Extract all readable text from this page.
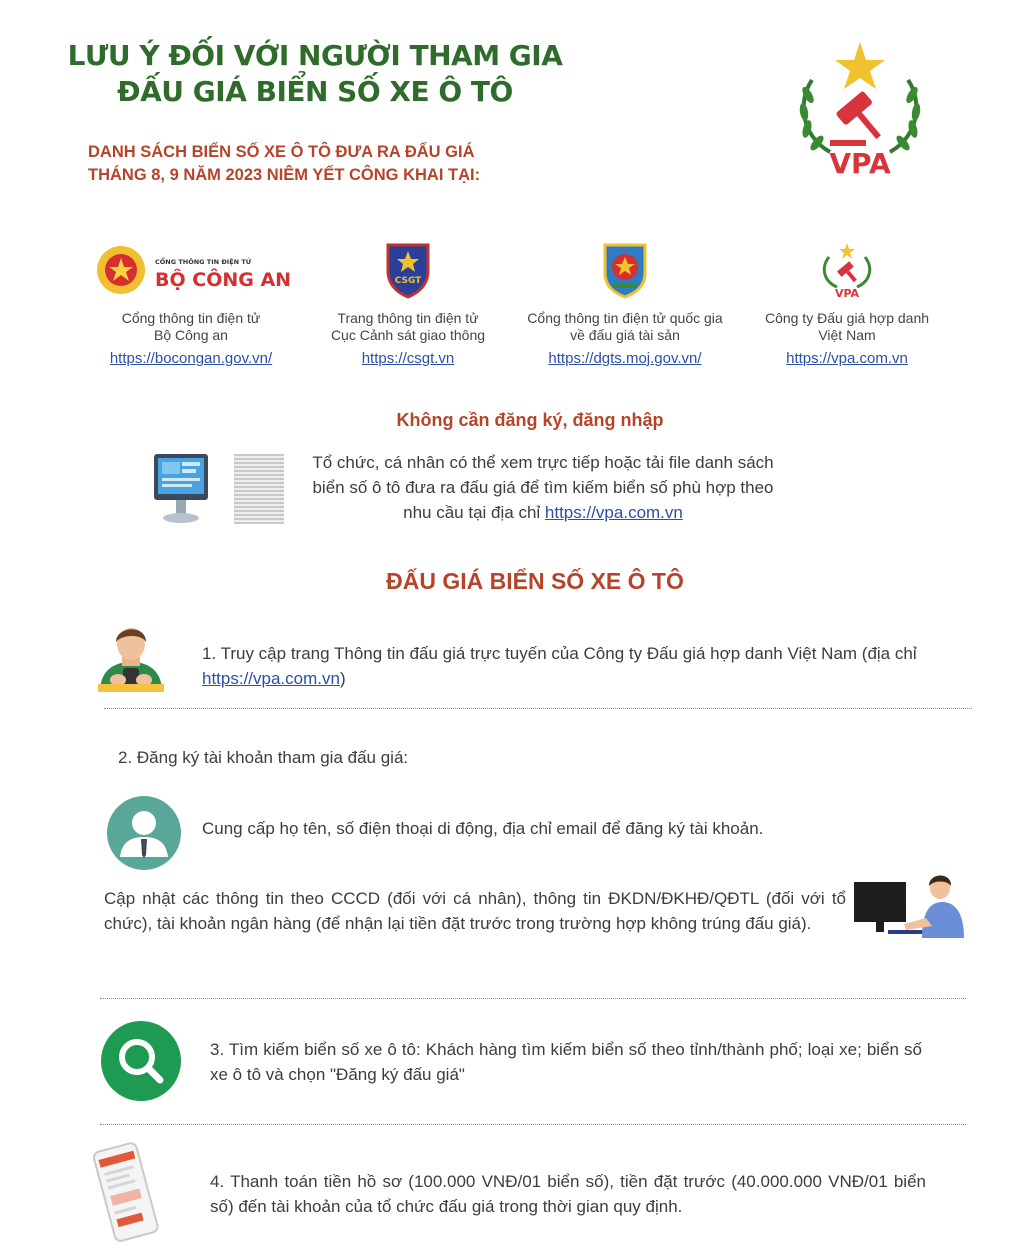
LƯU Ý ĐỐI VỚI NGƯỜI THAM GIA
ĐẤU GIÁ BIỂN SỐ XE Ô TÔ
DANH SÁCH BIỂN SỐ XE Ô TÔ ĐƯA RA ĐẤU GIÁ
THÁNG 8, 9 NĂM 2023 NIÊM YẾT CÔNG KHAI TẠI:	VPA
CỔNG THÔNG TIN ĐIỆN TỬ
BỘ CÔNG AN
Cổng thông tin điện tử
Bộ Công an
https://bocongan.gov.vn/
CSGT
Trang thông tin điện tử
Cục Cảnh sát giao thông
https://csgt.vn
Cổng thông tin điện tử quốc gia
về đấu giá tài sản
https://dgts.moj.gov.vn/
VPA
Công ty Đấu giá hợp danh
Việt Nam
https://vpa.com.vn
Không cần đăng ký, đăng nhập
Tổ chức, cá nhân có thể xem trực tiếp hoặc tải file danh sách biển số ô tô đưa ra đấu giá để tìm kiếm biển số phù hợp theo nhu cầu tại địa chỉ https://vpa.com.vn
ĐẤU GIÁ BIỂN SỐ XE Ô TÔ
1. Truy cập trang Thông tin đấu giá trực tuyến của Công ty Đấu giá hợp danh Việt Nam (địa chỉ https://vpa.com.vn)
2. Đăng ký tài khoản tham gia đấu giá:
Cung cấp họ tên, số điện thoại di động, địa chỉ email để đăng ký tài khoản.
Cập nhật các thông tin theo CCCD (đối với cá nhân), thông tin ĐKDN/ĐKHĐ/QĐTL (đối với tổ chức), tài khoản ngân hàng (để nhận lại tiền đặt trước trong trường hợp không trúng đấu giá).
3. Tìm kiếm biển số xe ô tô: Khách hàng tìm kiếm biển số theo tỉnh/thành phố; loại xe; biển số xe ô tô và chọn "Đăng ký đấu giá"
4. Thanh toán tiền hồ sơ (100.000 VNĐ/01 biển số), tiền đặt trước (40.000.000 VNĐ/01 biển số) đến tài khoản của tổ chức đấu giá trong thời gian quy định.
